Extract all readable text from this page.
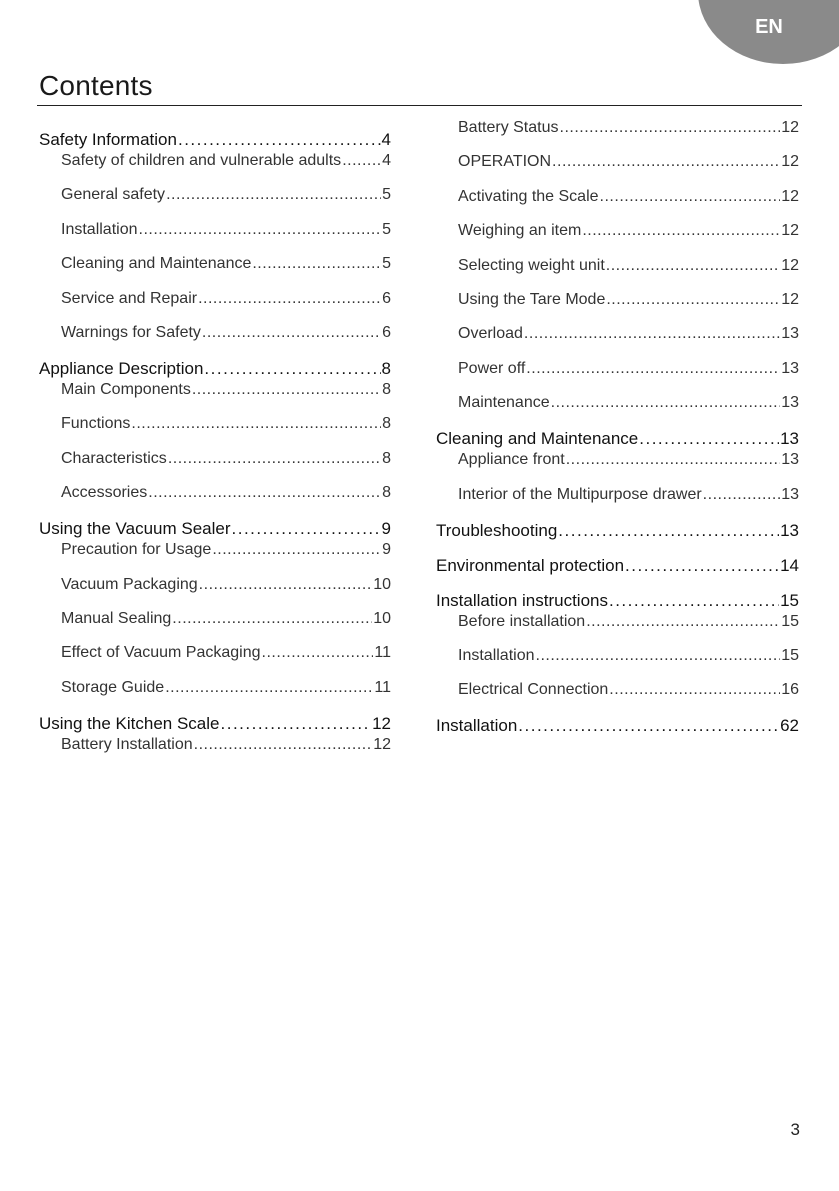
EN
Contents
Safety Information .....	4
Safety of children and vulnerable adults .....	4
General safety .....	5
Installation .....	5
Cleaning and Maintenance .....	5
Service and Repair .....	6
Warnings for Safety .....	6
Appliance Description .....	8
Main Components .....	8
Functions .....	8
Characteristics .....	8
Accessories .....	8
Using the Vacuum Sealer .....	9
Precaution for Usage .....	9
Vacuum Packaging .....	10
Manual Sealing .....	10
Effect of Vacuum Packaging .....	11
Storage Guide .....	11
Using the Kitchen Scale .....	12
Battery Installation .....	12
Battery Status .....	12
OPERATION .....	12
Activating the Scale .....	12
Weighing an item .....	12
Selecting weight unit .....	12
Using the Tare Mode .....	12
Overload .....	13
Power off .....	13
Maintenance .....	13
Cleaning and Maintenance .....	13
Appliance front .....	13
Interior of the Multipurpose drawer .....	13
Troubleshooting .....	13
Environmental protection .....	14
Installation instructions .....	15
Before installation .....	15
Installation .....	15
Electrical Connection .....	16
Installation .....	62
3
